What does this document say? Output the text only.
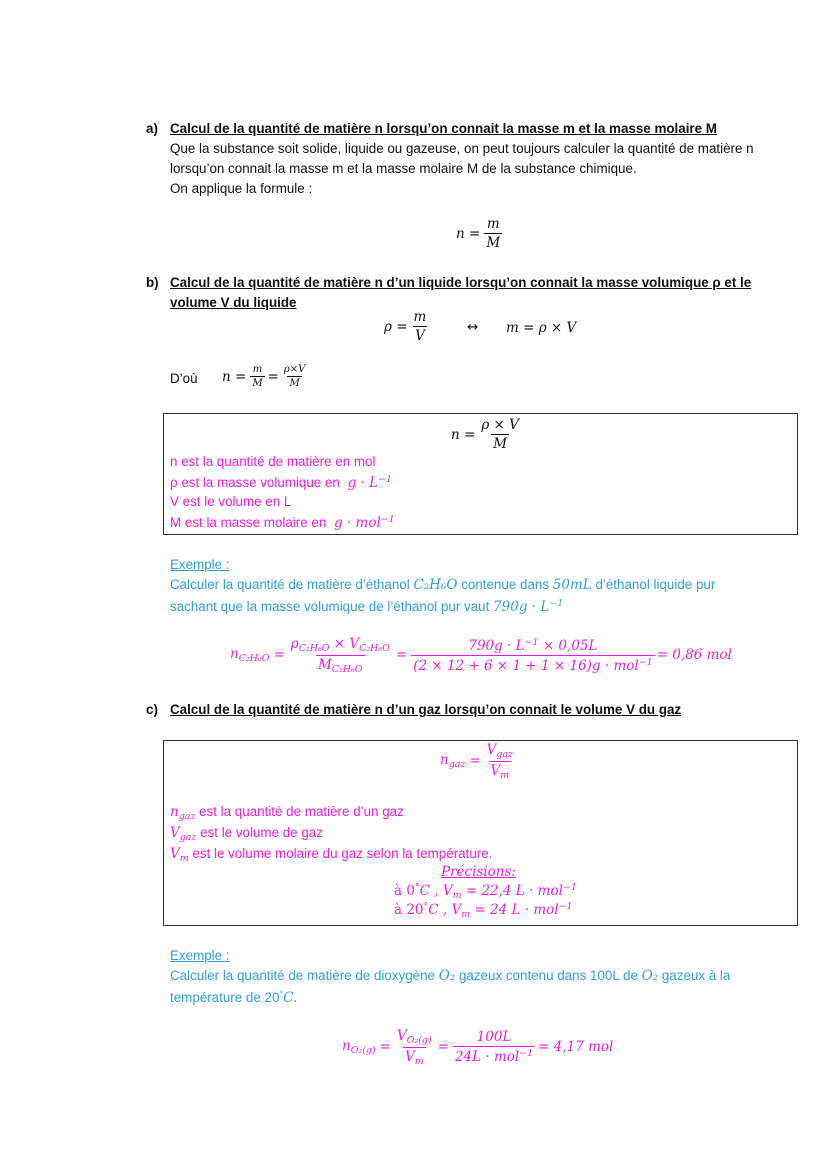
a) Calcul de la quantité de matière n lorsqu’on connait la masse m et la masse molaire M
Que la substance soit solide, liquide ou gazeuse, on peut toujours calculer la quantité de matière n
lorsqu’on connait la masse m et la masse molaire M de la substance chimique.
On applique la formule :
$n = \frac{m}{M}$
b) Calcul de la quantité de matière n d’un liquide lorsqu’on connait la masse volumique ρ et le
volume V du liquide
$\rho = \frac{m}{V}$	↔ m = ρ × V
D’où $n = \frac{m}{M} = \frac{\rho\times V}{M}$
$n = \frac{\rho \times V}{M}$
n est la quantité de matière en mol
ρ est la masse volumique en $g \cdot L^{-1}$
V est le volume en L
M est la masse molaire en g · mol$^{-1}$
Exemple :
Calculer la quantité de matière d’éthanol C₂H₆O contenue dans 50mL d’éthanol liquide pur
sachant que la masse volumique de l’éthanol pur vaut $790g \cdot L^{-1}$
$n_{C_2H_6O} = \frac{\rho_{C_2H_6O} \times V_{C_2H_6O}}{M_{C_2H_6O}} = \frac{790g \cdot L^{-1} \times 0,05L}{(2 \times 12 + 6 \times 1 + 1 \times 16)g \cdot mol^{-1}} = 0,86$ mol
c) Calcul de la quantité de matière n d’un gaz lorsqu’on connait le volume V du gaz
$n_{gaz} = \frac{V_{gaz}}{V_m}$
$n_{gaz}$ est la quantité de matière d’un gaz
$V_{gaz}$ est le volume de gaz
$V_m$ est le volume molaire du gaz selon la température.
Précisions:
à 0°C , $V_m = 22,4$ L · mol$^{-1}$
à 20°C , $V_m = 24$ L · mol$^{-1}$
Exemple :
Calculer la quantité de matière de dioxygène O₂ gazeux contenu dans 100L de O₂ gazeux à la
température de 20°C.
$n_{O_2(g)} = \frac{V_{O_2(g)}}{V_m} = \frac{100L}{24L \cdot mol^{-1}} = 4,17$ mol
